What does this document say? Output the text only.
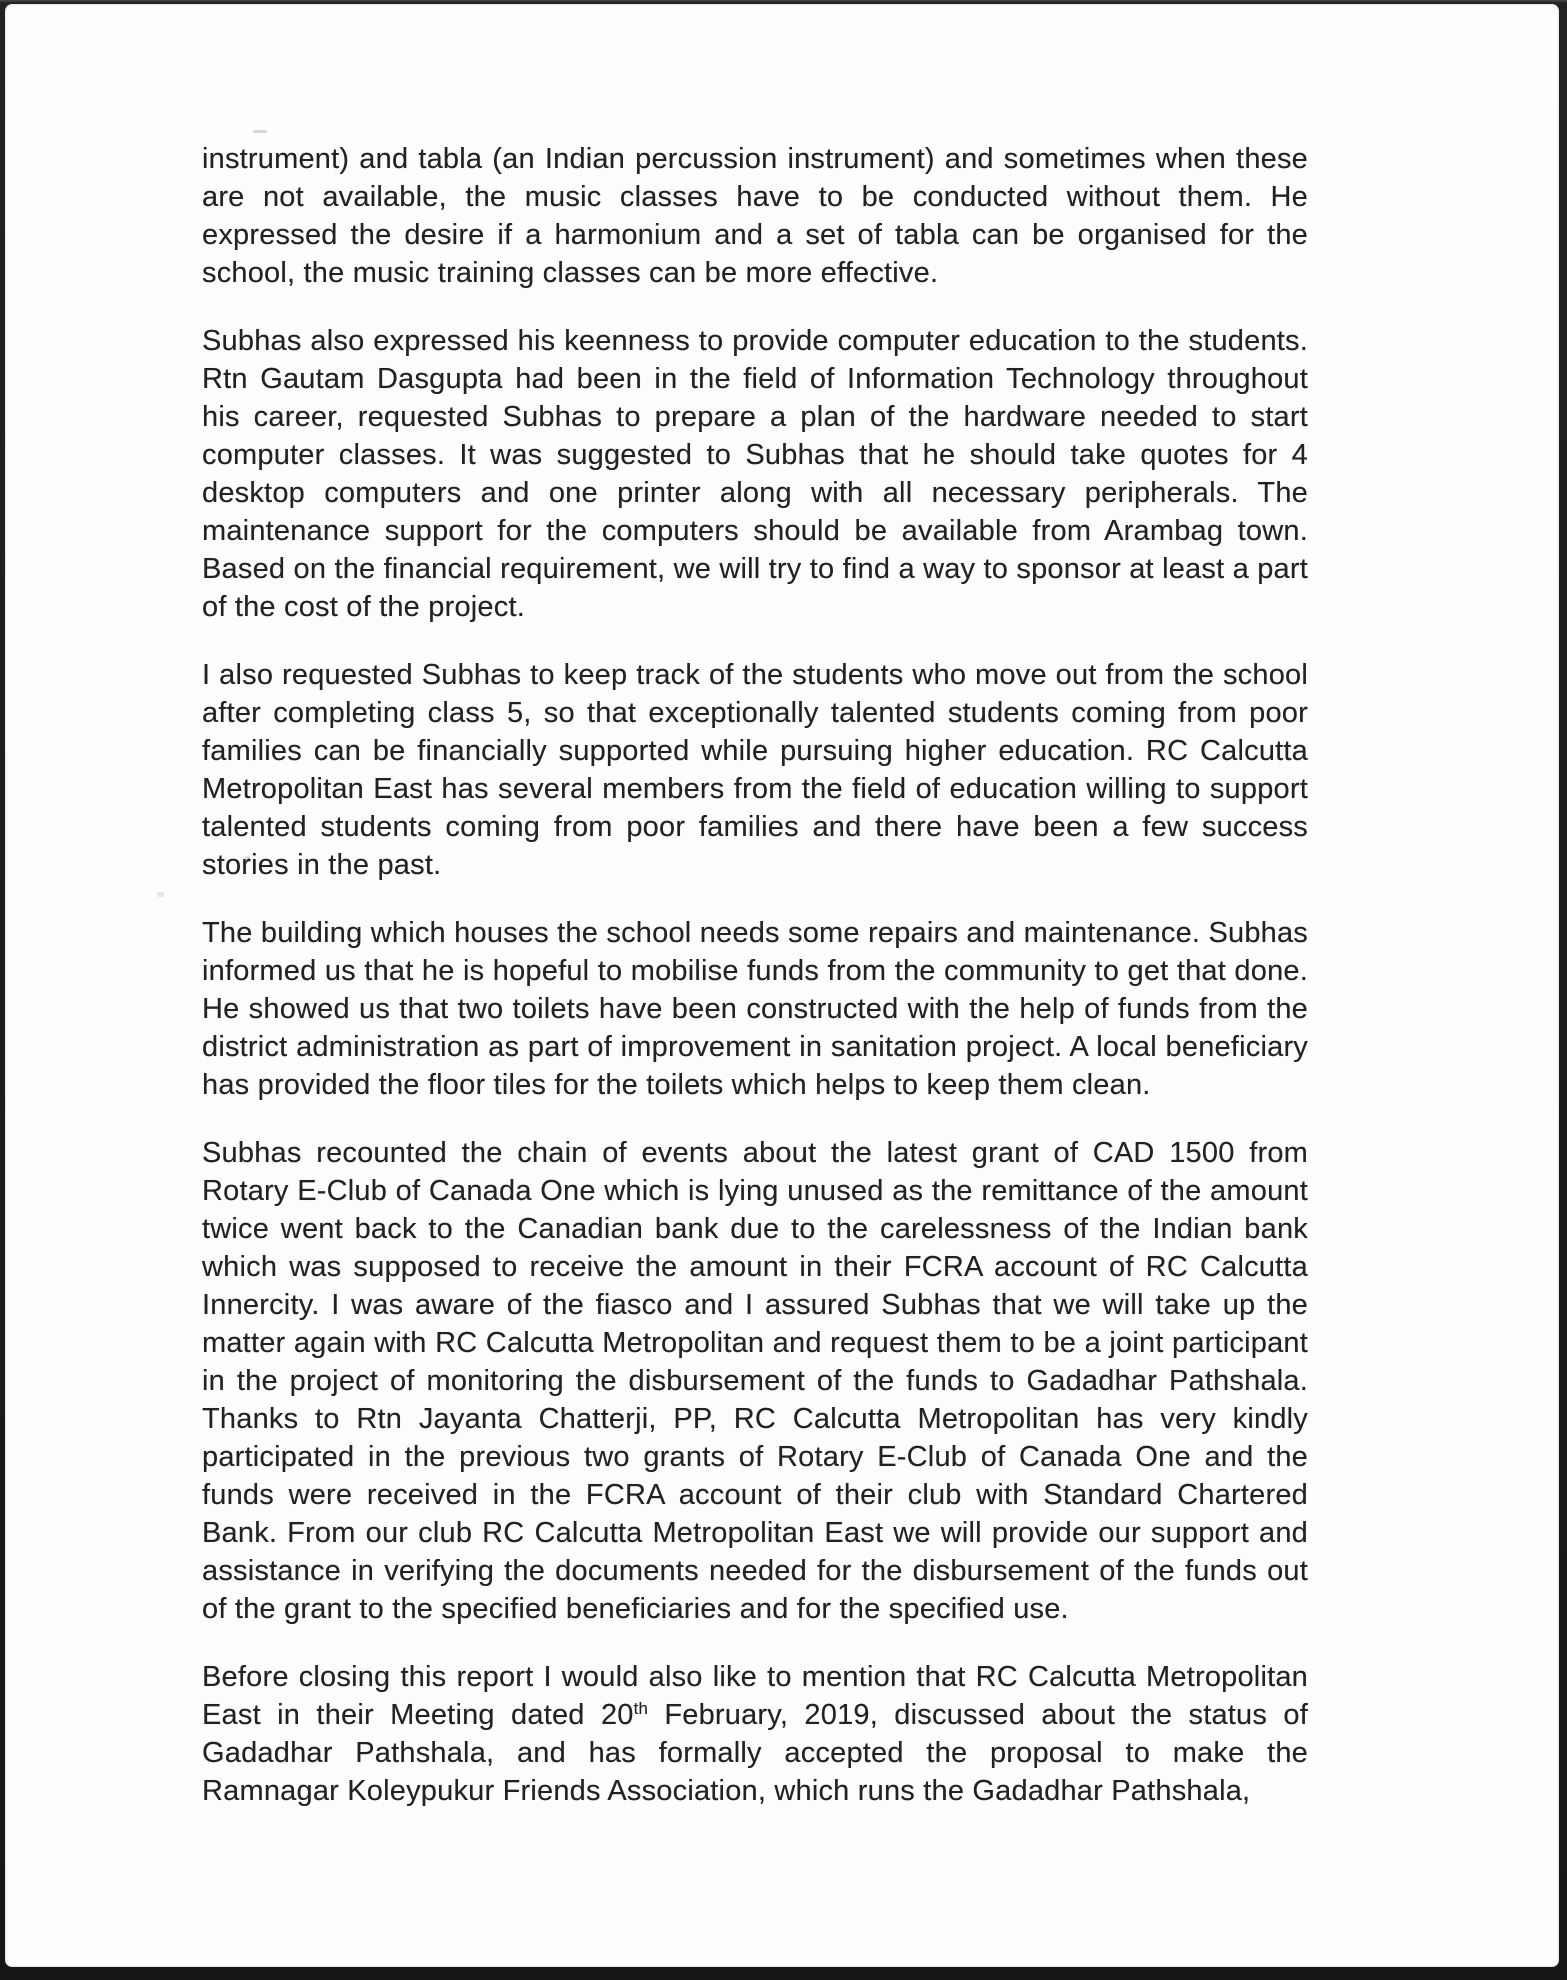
instrument) and tabla (an Indian percussion instrument) and sometimes when these
are not available, the music classes have to be conducted without them. He
expressed the desire if a harmonium and a set of tabla can be organised for the
school, the music training classes can be more effective.
Subhas also expressed his keenness to provide computer education to the students.
Rtn Gautam Dasgupta had been in the field of Information Technology throughout
his career, requested Subhas to prepare a plan of the hardware needed to start
computer classes. It was suggested to Subhas that he should take quotes for 4
desktop computers and one printer along with all necessary peripherals. The
maintenance support for the computers should be available from Arambag town.
Based on the financial requirement, we will try to find a way to sponsor at least a part
of the cost of the project.
I also requested Subhas to keep track of the students who move out from the school
after completing class 5, so that exceptionally talented students coming from poor
families can be financially supported while pursuing higher education. RC Calcutta
Metropolitan East has several members from the field of education willing to support
talented students coming from poor families and there have been a few success
stories in the past.
The building which houses the school needs some repairs and maintenance. Subhas
informed us that he is hopeful to mobilise funds from the community to get that done.
He showed us that two toilets have been constructed with the help of funds from the
district administration as part of improvement in sanitation project. A local beneficiary
has provided the floor tiles for the toilets which helps to keep them clean.
Subhas recounted the chain of events about the latest grant of CAD 1500 from
Rotary E-Club of Canada One which is lying unused as the remittance of the amount
twice went back to the Canadian bank due to the carelessness of the Indian bank
which was supposed to receive the amount in their FCRA account of RC Calcutta
Innercity. I was aware of the fiasco and I assured Subhas that we will take up the
matter again with RC Calcutta Metropolitan and request them to be a joint participant
in the project of monitoring the disbursement of the funds to Gadadhar Pathshala.
Thanks to Rtn Jayanta Chatterji, PP, RC Calcutta Metropolitan has very kindly
participated in the previous two grants of Rotary E-Club of Canada One and the
funds were received in the FCRA account of their club with Standard Chartered
Bank. From our club RC Calcutta Metropolitan East we will provide our support and
assistance in verifying the documents needed for the disbursement of the funds out
of the grant to the specified beneficiaries and for the specified use.
Before closing this report I would also like to mention that RC Calcutta Metropolitan
East in their Meeting dated 20th February, 2019, discussed about the status of
Gadadhar Pathshala, and has formally accepted the proposal to make the
Ramnagar Koleypukur Friends Association, which runs the Gadadhar Pathshala,
